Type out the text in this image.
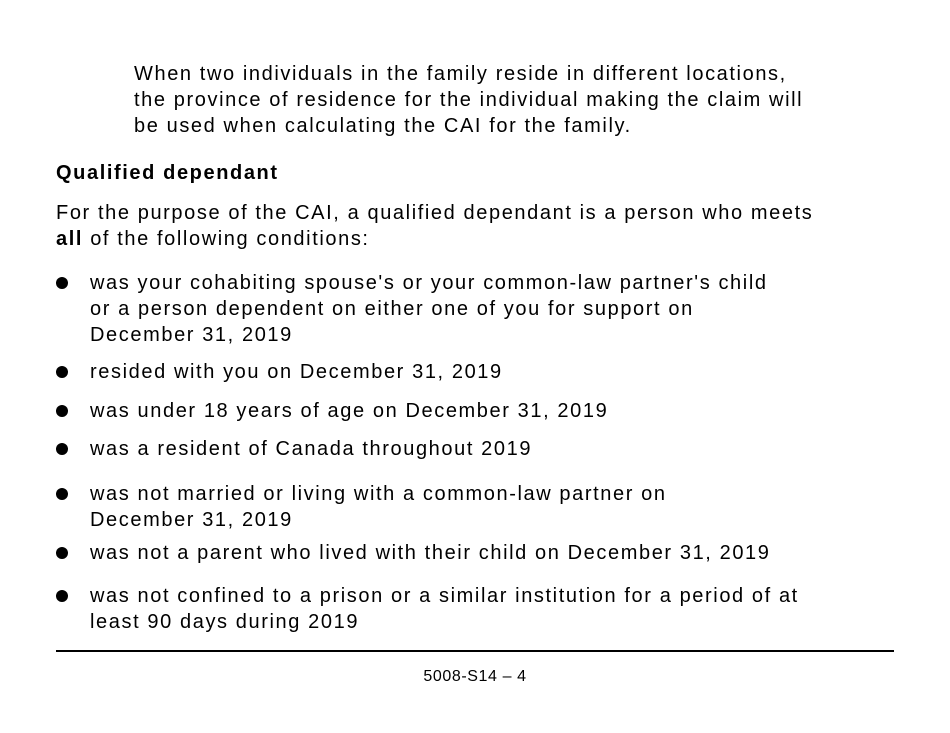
When two individuals in the family reside in different locations,
the province of residence for the individual making the claim will
be used when calculating the CAI for the family.
Qualified dependant
For the purpose of the CAI, a qualified dependant is a person who meets
all of the following conditions:
was your cohabiting spouse's or your common-law partner's child
or a person dependent on either one of you for support on
December 31, 2019
resided with you on December 31, 2019
was under 18 years of age on December 31, 2019
was a resident of Canada throughout 2019
was not married or living with a common-law partner on
December 31, 2019
was not a parent who lived with their child on December 31, 2019
was not confined to a prison or a similar institution for a period of at
least 90 days during 2019
5008-S14 – 4
